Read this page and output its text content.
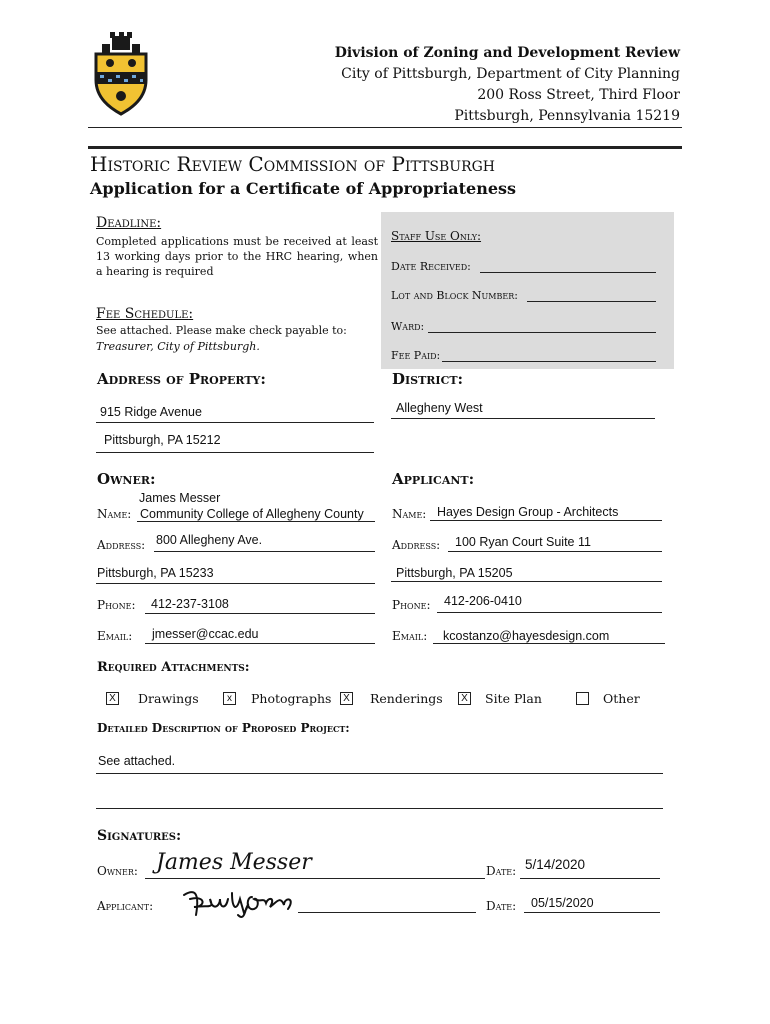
Division of Zoning and Development Review
City of Pittsburgh, Department of City Planning
200 Ross Street, Third Floor
Pittsburgh, Pennsylvania 15219
Historic Review Commission of Pittsburgh
Application for a Certificate of Appropriateness
Deadline:
Completed applications must be received at least 13 working days prior to the HRC hearing, when a hearing is required
Fee Schedule:
See attached. Please make check payable to:
Treasurer, City of Pittsburgh.
Staff Use Only:
Date Received:
Lot and Block Number:
Ward:
Fee Paid:
Address of Property:
915 Ridge Avenue
Pittsburgh, PA 15212
District:
Allegheny West
Owner:
James Messer
Name: Community College of Allegheny County
Address: 800 Allegheny Ave.
Pittsburgh, PA 15233
Phone: 412-237-3108
Email: jmesser@ccac.edu
Applicant:
Name: Hayes Design Group - Architects
Address: 100 Ryan Court Suite 11
Pittsburgh, PA 15205
Phone: 412-206-0410
Email: kcostanzo@hayesdesign.com
Required Attachments:
X Drawings	x	Photographs	X Renderings	X Site Plan	Other
Detailed Description of Proposed Project:
See attached.
Signatures:
Owner: James Messer	Date: 5/14/2020
Applicant:	Date: 05/15/2020
